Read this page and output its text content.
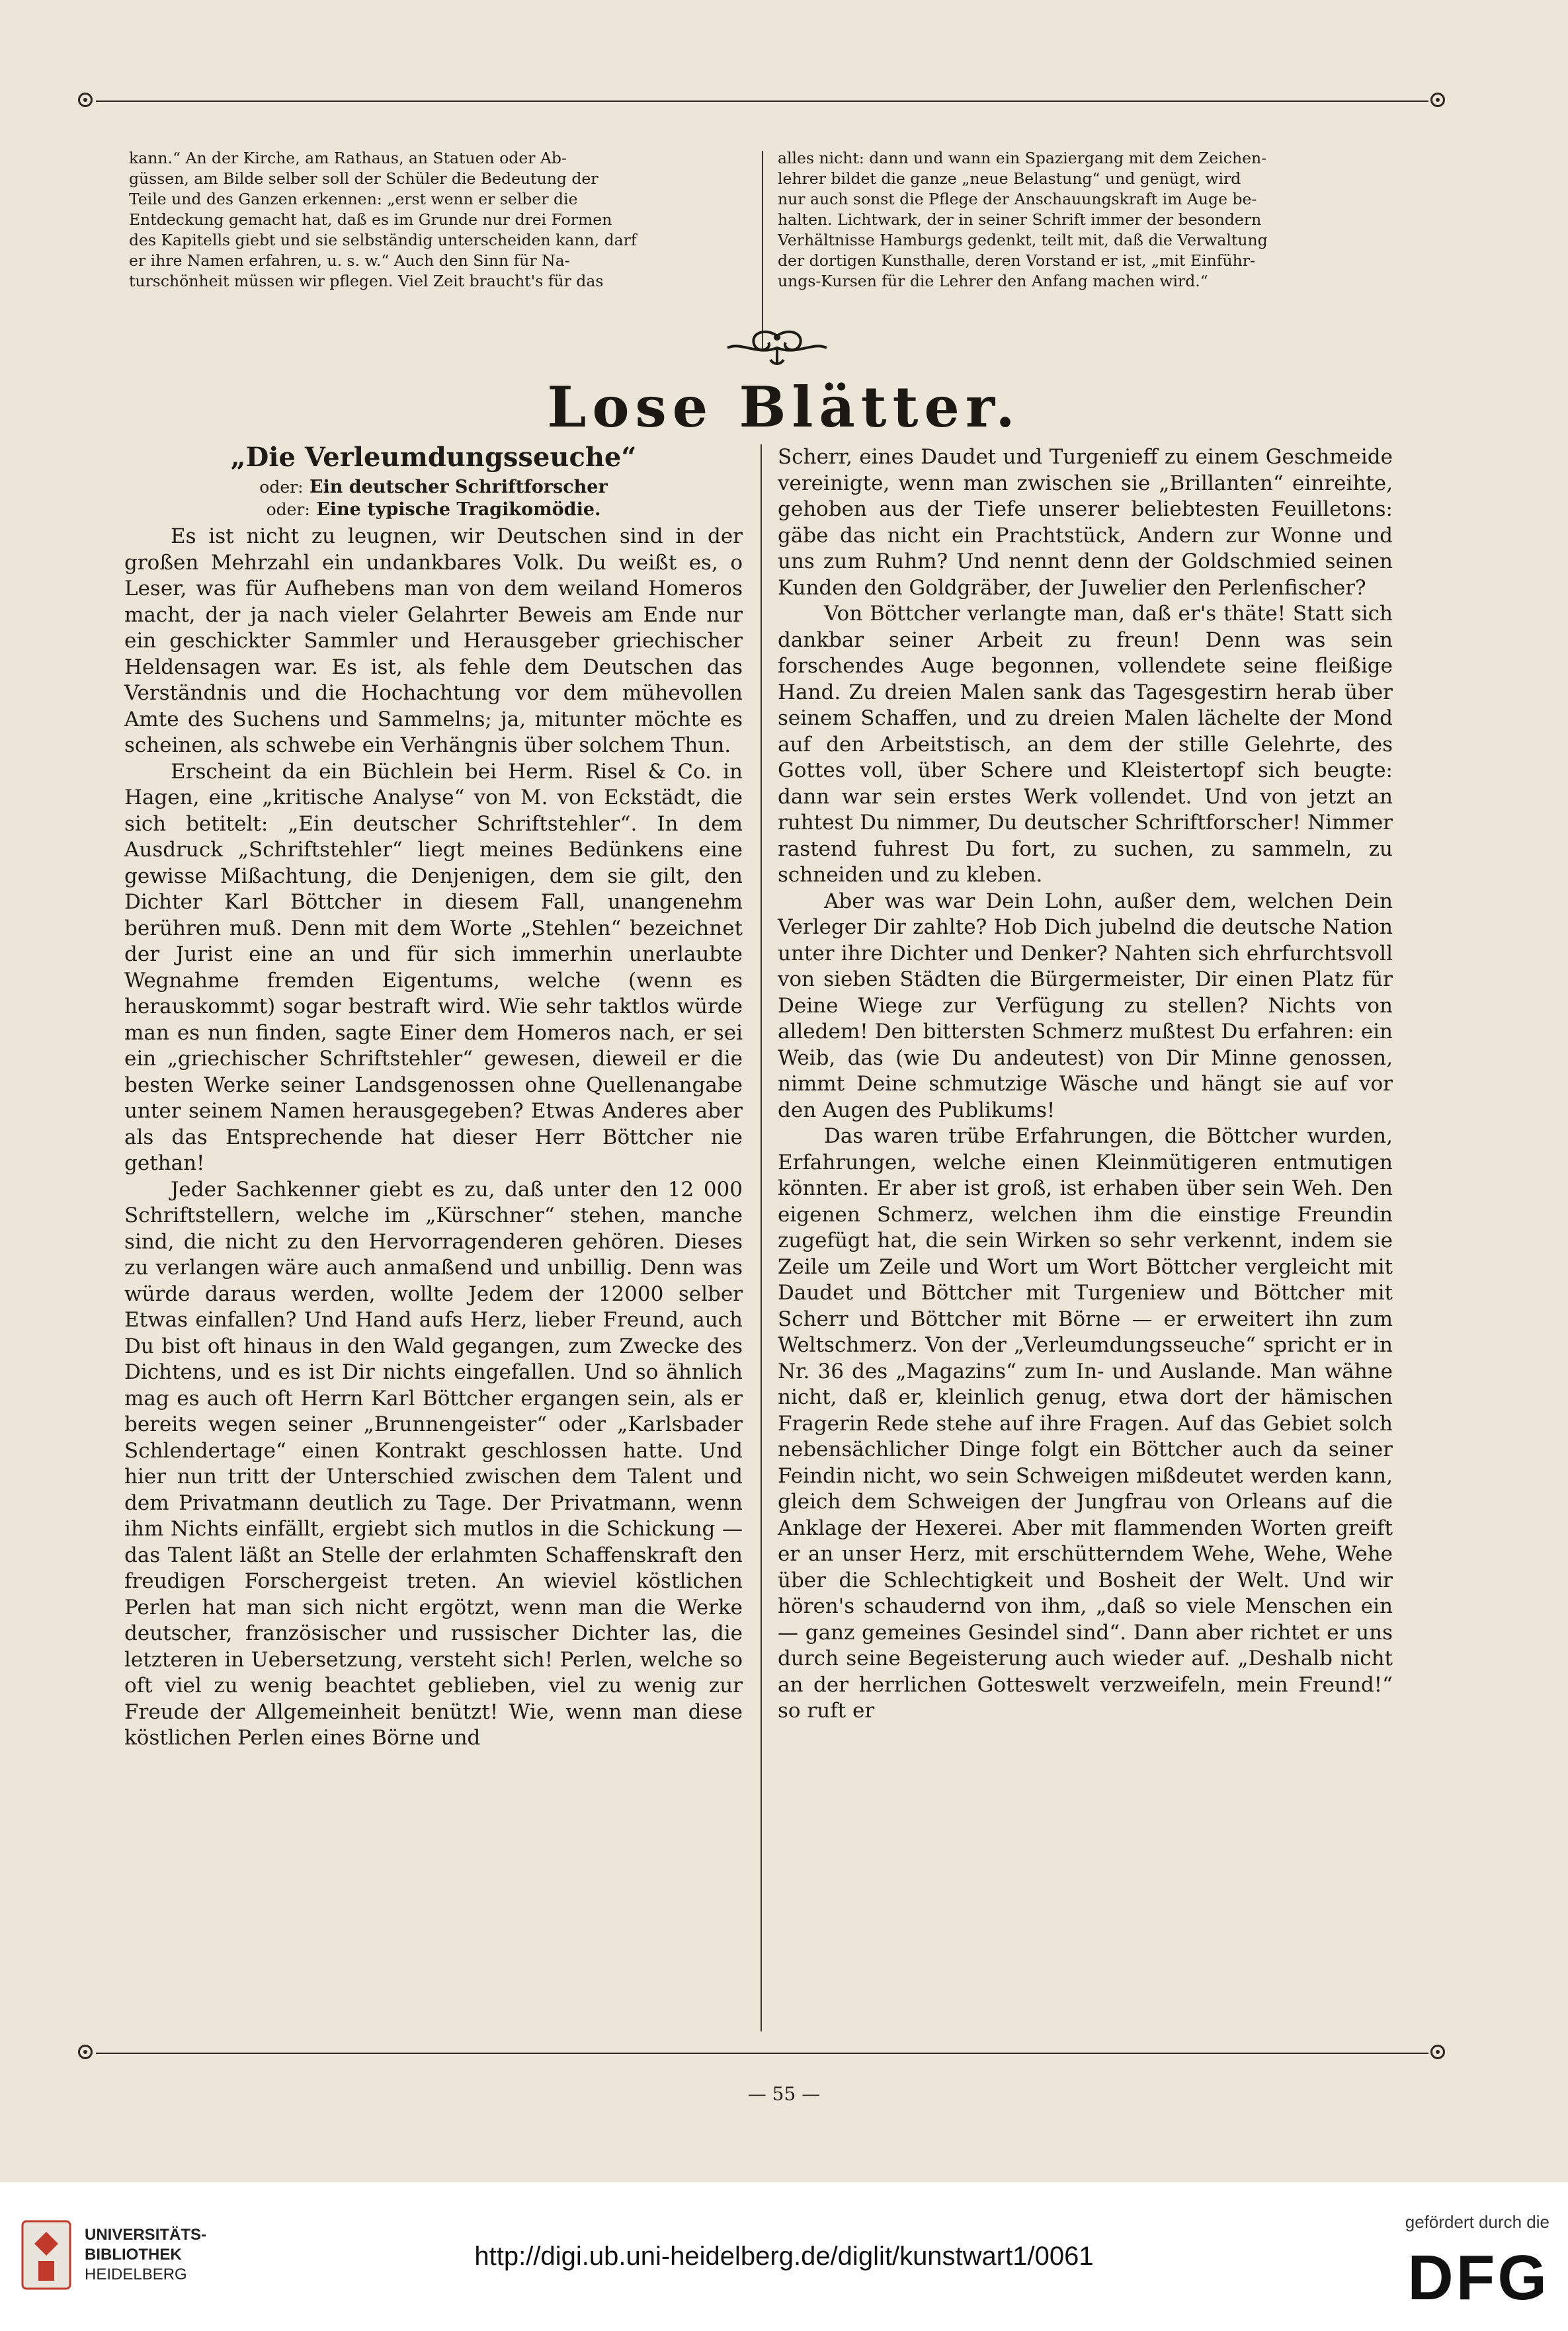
kann.“ An der Kirche, am Rathaus, an Statuen oder Ab-
güssen, am Bilde selber soll der Schüler die Bedeutung der
Teile und des Ganzen erkennen: „erst wenn er selber die
Entdeckung gemacht hat, daß es im Grunde nur drei Formen
des Kapitells giebt und sie selbständig unterscheiden kann, darf
er ihre Namen erfahren, u. s. w.“ Auch den Sinn für Na-
turschönheit müssen wir pflegen. Viel Zeit braucht's für das
alles nicht: dann und wann ein Spaziergang mit dem Zeichen-
lehrer bildet die ganze „neue Belastung“ und genügt, wird
nur auch sonst die Pflege der Anschauungskraft im Auge be-
halten. Lichtwark, der in seiner Schrift immer der besondern
Verhältnisse Hamburgs gedenkt, teilt mit, daß die Verwaltung
der dortigen Kunsthalle, deren Vorstand er ist, „mit Einführ-
ungs-Kursen für die Lehrer den Anfang machen wird.“
Lose Blätter.
„Die Verleumdungsseuche“
oder: Ein deutscher Schriftforscher
oder: Eine typische Tragikomödie.

Es ist nicht zu leugnen, wir Deutschen sind in der großen Mehrzahl ein undankbares Volk. Du weißt es, o Leser, was für Aufhebens man von dem weiland Homeros macht, der ja nach vieler Gelahrter Beweis am Ende nur ein geschickter Sammler und Herausgeber griechischer Heldensagen war. Es ist, als fehle dem Deutschen das Verständnis und die Hochachtung vor dem mühevollen Amte des Suchens und Sammelns; ja, mitunter möchte es scheinen, als schwebe ein Verhängnis über solchem Thun.

Erscheint da ein Büchlein bei Herm. Risel & Co. in Hagen, eine „kritische Analyse“ von M. von Eckstädt, die sich betitelt: „Ein deutscher Schriftstehler“. In dem Ausdruck „Schriftstehler“ liegt meines Bedünkens eine gewisse Mißachtung, die Denjenigen, dem sie gilt, den Dichter Karl Böttcher in diesem Fall, unangenehm berühren muß. Denn mit dem Worte „Stehlen“ bezeichnet der Jurist eine an und für sich immerhin unerlaubte Wegnahme fremden Eigentums, welche (wenn es herauskommt) sogar bestraft wird. Wie sehr taktlos würde man es nun finden, sagte Einer dem Homeros nach, er sei ein „griechischer Schriftstehler“ gewesen, dieweil er die besten Werke seiner Landsgenossen ohne Quellenangabe unter seinem Namen herausgegeben? Etwas Anderes aber als das Entsprechende hat dieser Herr Böttcher nie gethan!

Jeder Sachkenner giebt es zu, daß unter den 12 000 Schriftstellern, welche im „Kürschner“ stehen, manche sind, die nicht zu den Hervorragenderen gehören. Dieses zu verlangen wäre auch anmaßend und unbillig. Denn was würde daraus werden, wollte Jedem der 12000 selber Etwas einfallen? Und Hand aufs Herz, lieber Freund, auch Du bist oft hinaus in den Wald gegangen, zum Zwecke des Dichtens, und es ist Dir nichts eingefallen. Und so ähnlich mag es auch oft Herrn Karl Böttcher ergangen sein, als er bereits wegen seiner „Brunnengeister“ oder „Karlsbader Schlendertage“ einen Kontrakt geschlossen hatte. Und hier nun tritt der Unterschied zwischen dem Talent und dem Privatmann deutlich zu Tage. Der Privatmann, wenn ihm Nichts einfällt, ergiebt sich mutlos in die Schickung — das Talent läßt an Stelle der erlahmten Schaffenskraft den freudigen Forschergeist treten. An wieviel köstlichen Perlen hat man sich nicht ergötzt, wenn man die Werke deutscher, französischer und russischer Dichter las, die letzteren in Uebersetzung, versteht sich! Perlen, welche so oft viel zu wenig beachtet geblieben, viel zu wenig zur Freude der Allgemeinheit benützt! Wie, wenn man diese köstlichen Perlen eines Börne und

Scherr, eines Daudet und Turgenieff zu einem Geschmeide vereinigte, wenn man zwischen sie „Brillanten“ einreihte, gehoben aus der Tiefe unserer beliebtesten Feuilletons: gäbe das nicht ein Prachtstück, Andern zur Wonne und uns zum Ruhm? Und nennt denn der Goldschmied seinen Kunden den Goldgräber, der Juwelier den Perlenfischer?

Von Böttcher verlangte man, daß er's thäte! Statt sich dankbar seiner Arbeit zu freun! Denn was sein forschendes Auge begonnen, vollendete seine fleißige Hand. Zu dreien Malen sank das Tagesgestirn herab über seinem Schaffen, und zu dreien Malen lächelte der Mond auf den Arbeitstisch, an dem der stille Gelehrte, des Gottes voll, über Schere und Kleistertopf sich beugte: dann war sein erstes Werk vollendet. Und von jetzt an ruhtest Du nimmer, Du deutscher Schriftforscher! Nimmer rastend fuhrest Du fort, zu suchen, zu sammeln, zu schneiden und zu kleben.

Aber was war Dein Lohn, außer dem, welchen Dein Verleger Dir zahlte? Hob Dich jubelnd die deutsche Nation unter ihre Dichter und Denker? Nahten sich ehrfurchtsvoll von sieben Städten die Bürgermeister, Dir einen Platz für Deine Wiege zur Verfügung zu stellen? Nichts von alledem! Den bittersten Schmerz mußtest Du erfahren: ein Weib, das (wie Du andeutest) von Dir Minne genossen, nimmt Deine schmutzige Wäsche und hängt sie auf vor den Augen des Publikums!

Das waren trübe Erfahrungen, die Böttcher wurden, Erfahrungen, welche einen Kleinmütigeren entmutigen könnten. Er aber ist groß, ist erhaben über sein Weh. Den eigenen Schmerz, welchen ihm die einstige Freundin zugefügt hat, die sein Wirken so sehr verkennt, indem sie Zeile um Zeile und Wort um Wort Böttcher vergleicht mit Daudet und Böttcher mit Turgeniew und Böttcher mit Scherr und Böttcher mit Börne — er erweitert ihn zum Weltschmerz. Von der „Verleumdungsseuche“ spricht er in Nr. 36 des „Magazins“ zum In- und Auslande. Man wähne nicht, daß er, kleinlich genug, etwa dort der hämischen Fragerin Rede stehe auf ihre Fragen. Auf das Gebiet solch nebensächlicher Dinge folgt ein Böttcher auch da seiner Feindin nicht, wo sein Schweigen mißdeutet werden kann, gleich dem Schweigen der Jungfrau von Orleans auf die Anklage der Hexerei. Aber mit flammenden Worten greift er an unser Herz, mit erschütterndem Wehe, Wehe, Wehe über die Schlechtigkeit und Bosheit der Welt. Und wir hören's schaudernd von ihm, „daß so viele Menschen ein — ganz gemeines Gesindel sind“. Dann aber richtet er uns durch seine Begeisterung auch wieder auf. „Deshalb nicht an der herrlichen Gotteswelt verzweifeln, mein Freund!“ so ruft er

— 55 —
UNIVERSITÄTS-
BIBLIOTHEK
HEIDELBERG
http://digi.ub.uni-heidelberg.de/diglit/kunstwart1/0061
gefördert durch die
DFG
